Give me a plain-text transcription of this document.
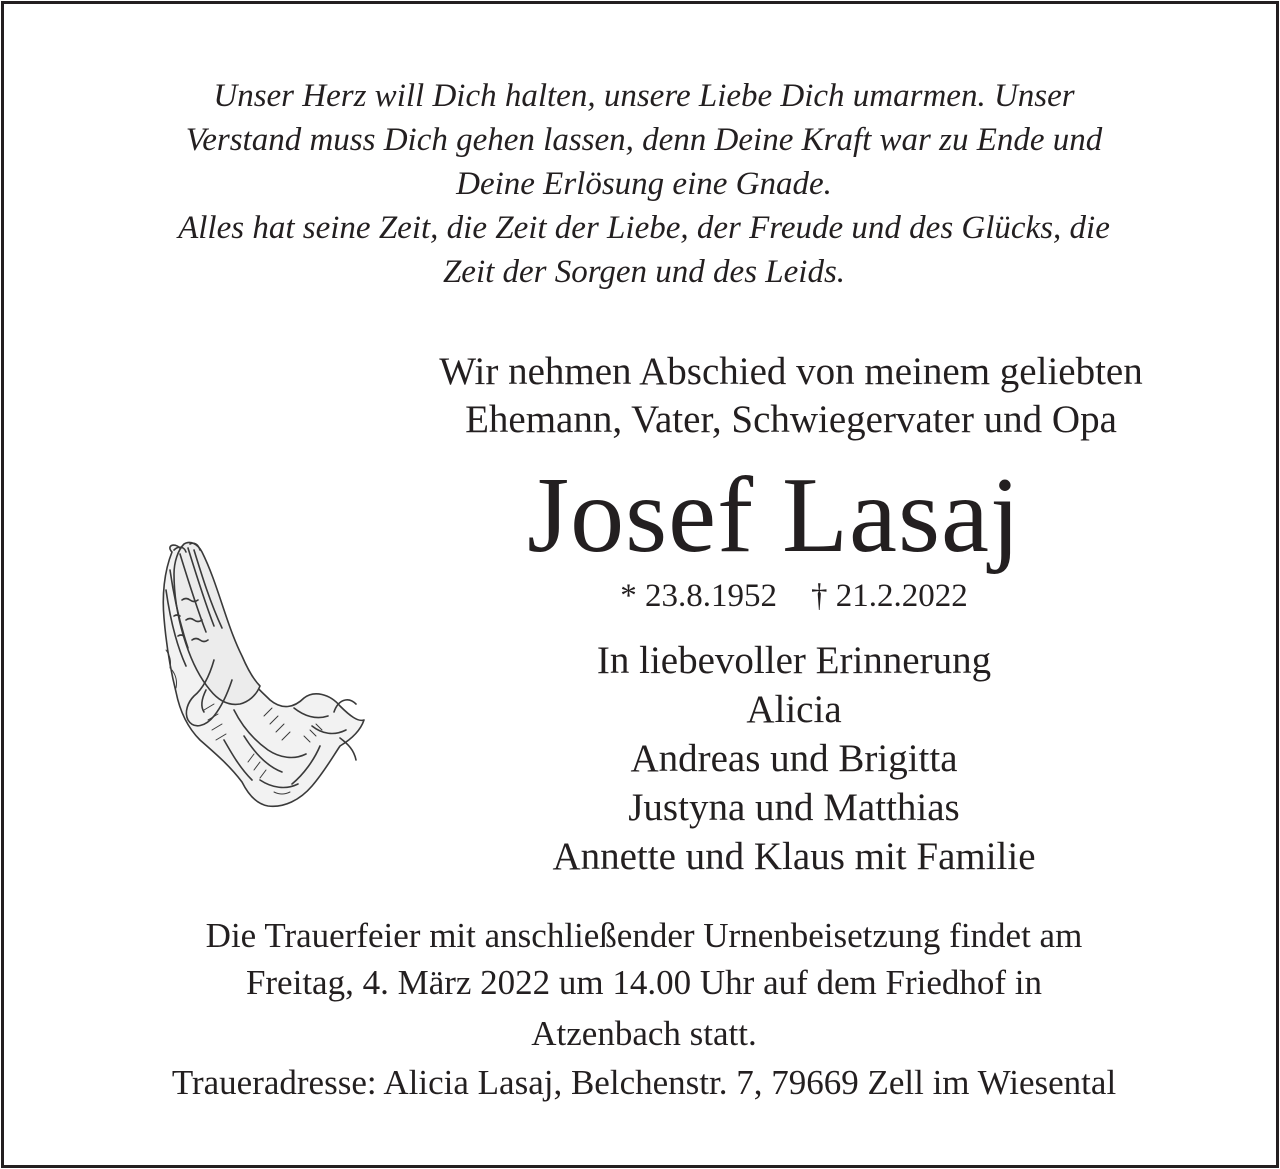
Unser Herz will Dich halten, unsere Liebe Dich umarmen. Unser
Verstand muss Dich gehen lassen, denn Deine Kraft war zu Ende und
Deine Erlösung eine Gnade.
Alles hat seine Zeit, die Zeit der Liebe, der Freude und des Glücks, die
Zeit der Sorgen und des Leids.
Wir nehmen Abschied von meinem geliebten
Ehemann, Vater, Schwiegervater und Opa
Josef Lasaj
* 23.8.1952 † 21.2.2022
In liebevoller Erinnerung
Alicia
Andreas und Brigitta
Justyna und Matthias
Annette und Klaus mit Familie
Die Trauerfeier mit anschließender Urnenbeisetzung findet am
Freitag, 4. März 2022 um 14.00 Uhr auf dem Friedhof in
Atzenbach statt.
Traueradresse: Alicia Lasaj, Belchenstr. 7, 79669 Zell im Wiesental
